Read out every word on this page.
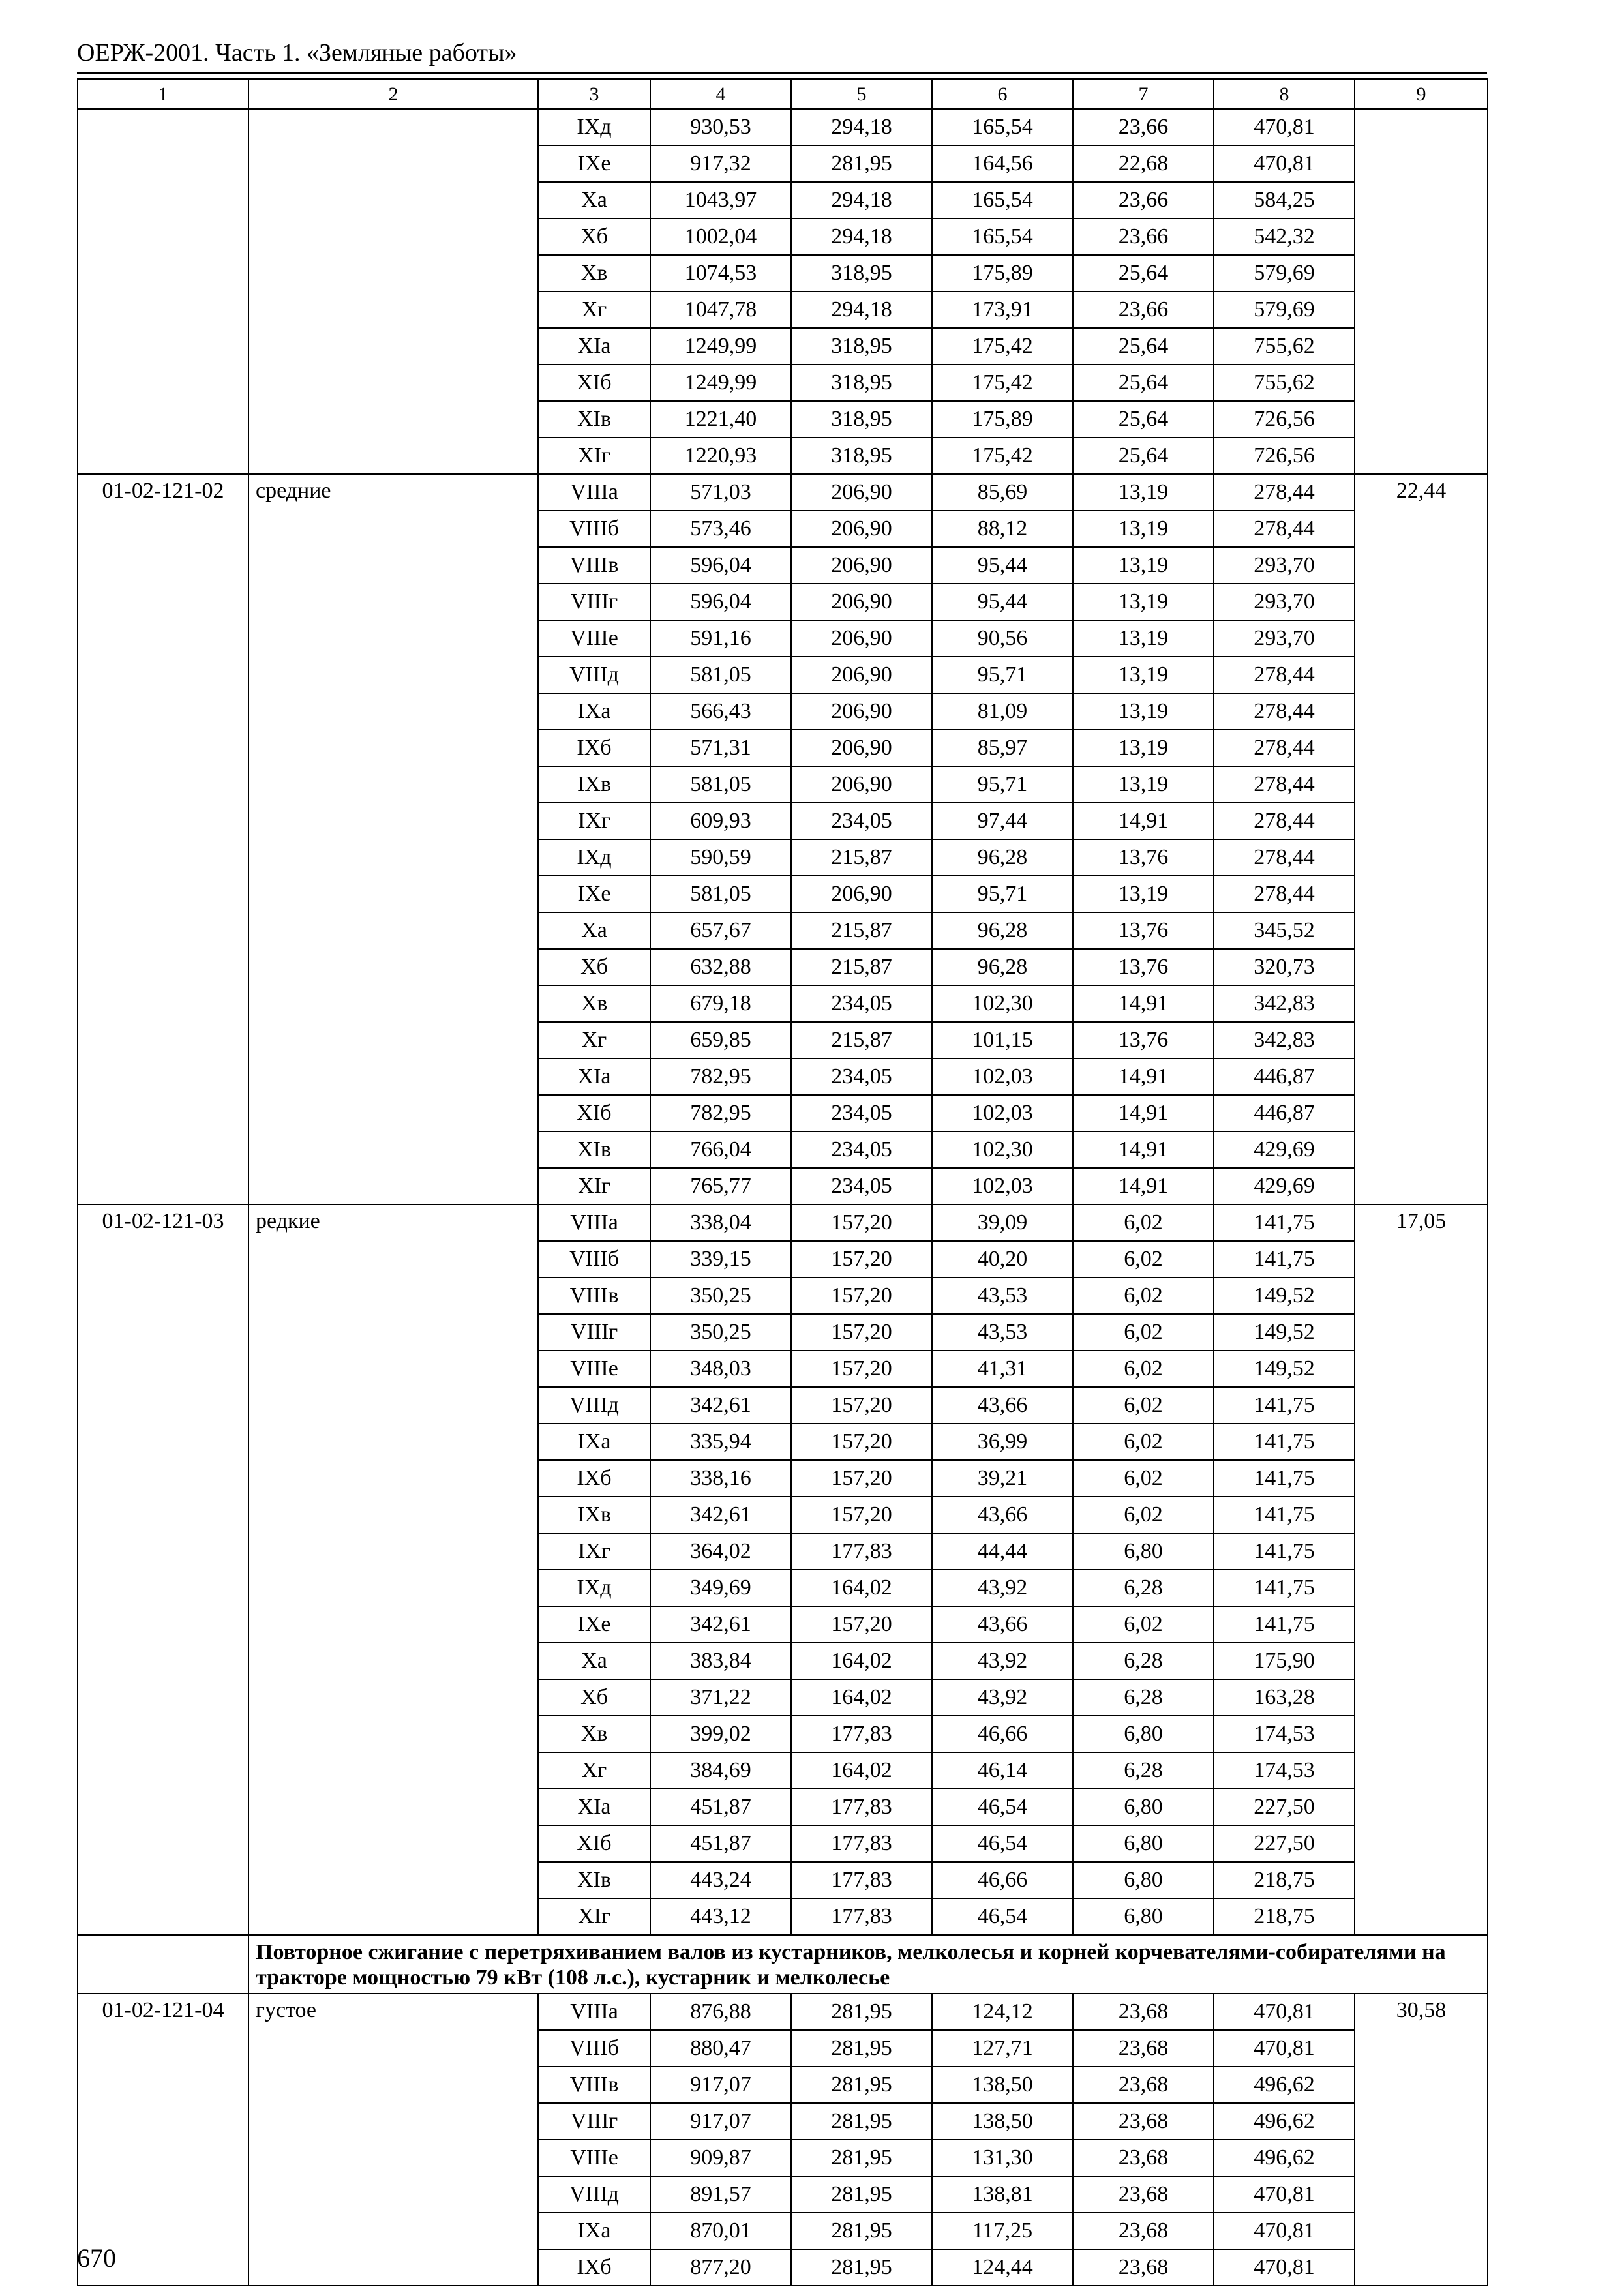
ОЕРЖ-2001. Часть 1. «Земляные работы»
1	2	3	4	5	6	7	8	9
		IXд	930,53	294,18	165,54	23,66	470,81	
		IXе	917,32	281,95	164,56	22,68	470,81	
		Xа	1043,97	294,18	165,54	23,66	584,25	
		Xб	1002,04	294,18	165,54	23,66	542,32	
		Xв	1074,53	318,95	175,89	25,64	579,69	
		Xг	1047,78	294,18	173,91	23,66	579,69	
		XIа	1249,99	318,95	175,42	25,64	755,62	
		XIб	1249,99	318,95	175,42	25,64	755,62	
		XIв	1221,40	318,95	175,89	25,64	726,56	
		XIг	1220,93	318,95	175,42	25,64	726,56	
01-02-121-02	средние	VIIIа	571,03	206,90	85,69	13,19	278,44	22,44
		VIIIб	573,46	206,90	88,12	13,19	278,44	
		VIIIв	596,04	206,90	95,44	13,19	293,70	
		VIIIг	596,04	206,90	95,44	13,19	293,70	
		VIIIе	591,16	206,90	90,56	13,19	293,70	
		VIIIд	581,05	206,90	95,71	13,19	278,44	
		IXа	566,43	206,90	81,09	13,19	278,44	
		IXб	571,31	206,90	85,97	13,19	278,44	
		IXв	581,05	206,90	95,71	13,19	278,44	
		IXг	609,93	234,05	97,44	14,91	278,44	
		IXд	590,59	215,87	96,28	13,76	278,44	
		IXе	581,05	206,90	95,71	13,19	278,44	
		Xа	657,67	215,87	96,28	13,76	345,52	
		Xб	632,88	215,87	96,28	13,76	320,73	
		Xв	679,18	234,05	102,30	14,91	342,83	
		Xг	659,85	215,87	101,15	13,76	342,83	
		XIа	782,95	234,05	102,03	14,91	446,87	
		XIб	782,95	234,05	102,03	14,91	446,87	
		XIв	766,04	234,05	102,30	14,91	429,69	
		XIг	765,77	234,05	102,03	14,91	429,69	
01-02-121-03	редкие	VIIIа	338,04	157,20	39,09	6,02	141,75	17,05
		VIIIб	339,15	157,20	40,20	6,02	141,75	
		VIIIв	350,25	157,20	43,53	6,02	149,52	
		VIIIг	350,25	157,20	43,53	6,02	149,52	
		VIIIе	348,03	157,20	41,31	6,02	149,52	
		VIIIд	342,61	157,20	43,66	6,02	141,75	
		IXа	335,94	157,20	36,99	6,02	141,75	
		IXб	338,16	157,20	39,21	6,02	141,75	
		IXв	342,61	157,20	43,66	6,02	141,75	
		IXг	364,02	177,83	44,44	6,80	141,75	
		IXд	349,69	164,02	43,92	6,28	141,75	
		IXе	342,61	157,20	43,66	6,02	141,75	
		Xа	383,84	164,02	43,92	6,28	175,90	
		Xб	371,22	164,02	43,92	6,28	163,28	
		Xв	399,02	177,83	46,66	6,80	174,53	
		Xг	384,69	164,02	46,14	6,28	174,53	
		XIа	451,87	177,83	46,54	6,80	227,50	
		XIб	451,87	177,83	46,54	6,80	227,50	
		XIв	443,24	177,83	46,66	6,80	218,75	
		XIг	443,12	177,83	46,54	6,80	218,75	
	Повторное сжигание с перетряхиванием валов из кустарников, мелколесья и корней корчевателями-собирателями на тракторе мощностью 79 кВт (108 л.с.), кустарник и мелколесье							
01-02-121-04	густое	VIIIа	876,88	281,95	124,12	23,68	470,81	30,58
		VIIIб	880,47	281,95	127,71	23,68	470,81	
		VIIIв	917,07	281,95	138,50	23,68	496,62	
		VIIIг	917,07	281,95	138,50	23,68	496,62	
		VIIIе	909,87	281,95	131,30	23,68	496,62	
		VIIIд	891,57	281,95	138,81	23,68	470,81	
		IXа	870,01	281,95	117,25	23,68	470,81	
		IXб	877,20	281,95	124,44	23,68	470,81	
670
